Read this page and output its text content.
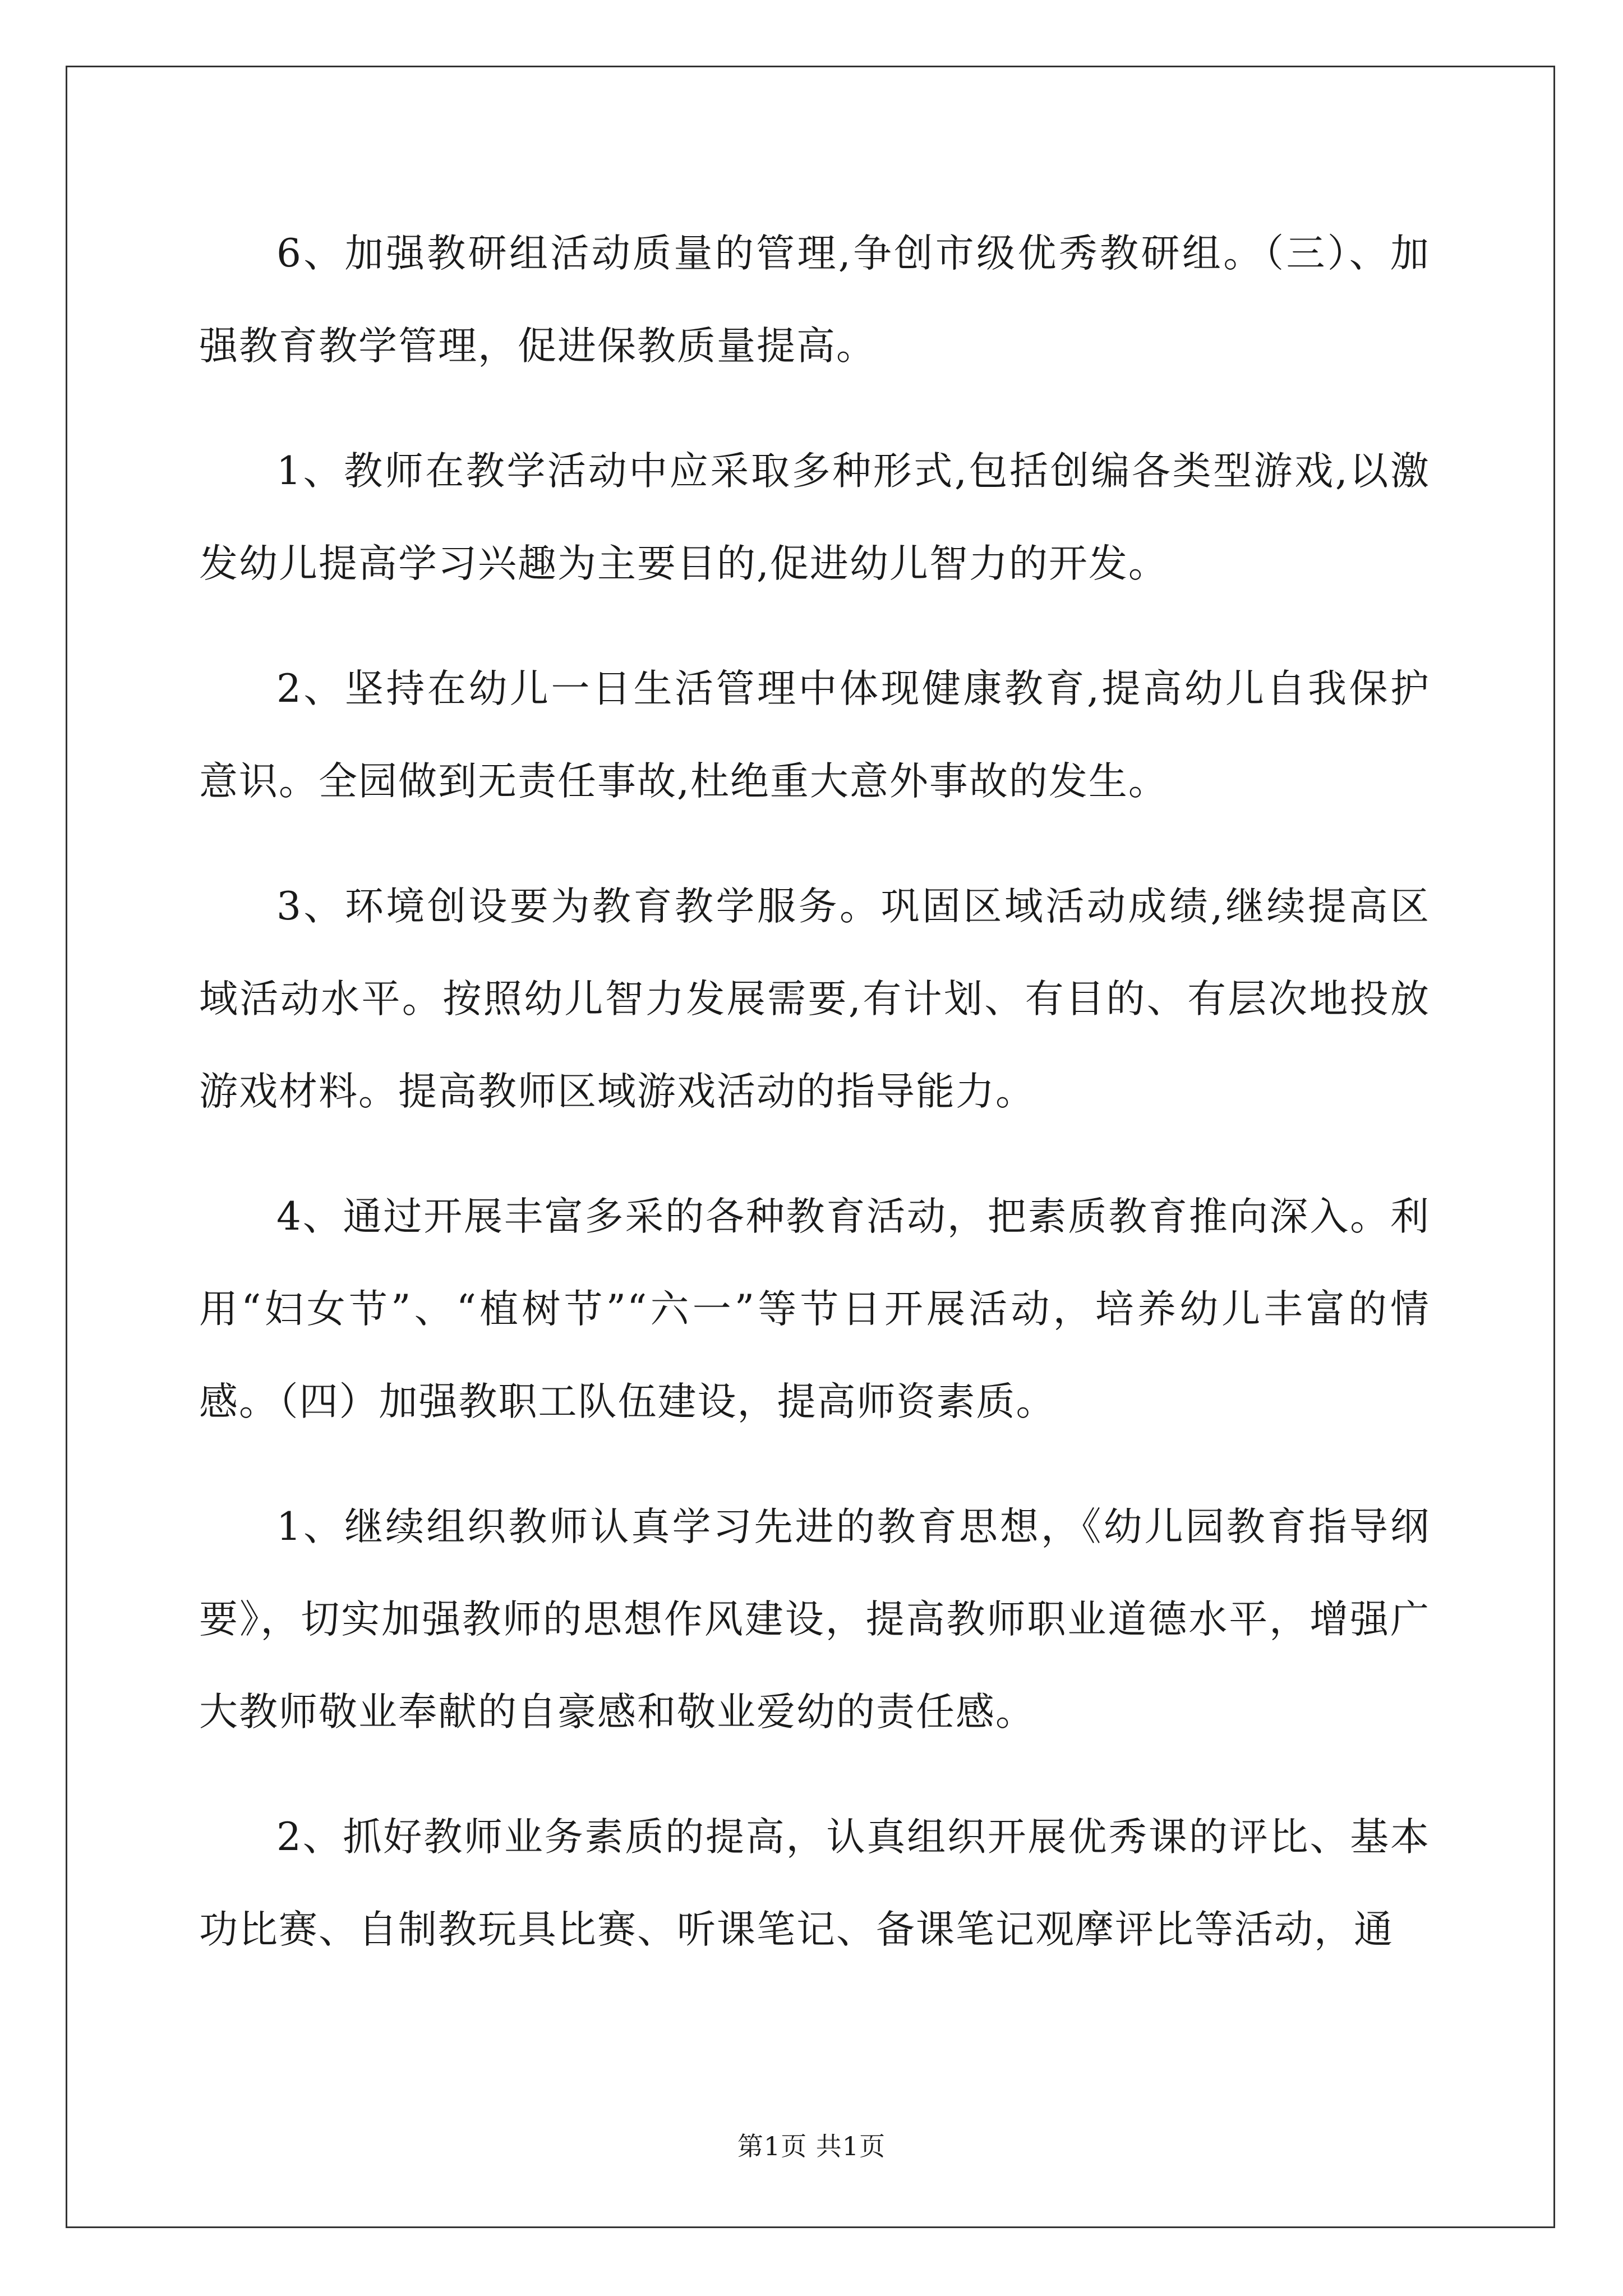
6、加强教研组活动质量的管理,争创市级优秀教研组。（三）、加强教育教学管理，促进保教质量提高。

1、教师在教学活动中应采取多种形式,包括创编各类型游戏,以激发幼儿提高学习兴趣为主要目的,促进幼儿智力的开发。

2、坚持在幼儿一日生活管理中体现健康教育,提高幼儿自我保护意识。全园做到无责任事故,杜绝重大意外事故的发生。

3、环境创设要为教育教学服务。巩固区域活动成绩,继续提高区域活动水平。按照幼儿智力发展需要,有计划、有目的、有层次地投放游戏材料。提高教师区域游戏活动的指导能力。

4、通过开展丰富多采的各种教育活动，把素质教育推向深入。利用“妇女节”、“植树节”“六一”等节日开展活动，培养幼儿丰富的情感。（四）加强教职工队伍建设，提高师资素质。

1、继续组织教师认真学习先进的教育思想，《幼儿园教育指导纲要》，切实加强教师的思想作风建设，提高教师职业道德水平，增强广大教师敬业奉献的自豪感和敬业爱幼的责任感。

2、抓好教师业务素质的提高，认真组织开展优秀课的评比、基本功比赛、自制教玩具比赛、听课笔记、备课笔记观摩评比等活动，通

第1页 共1页
